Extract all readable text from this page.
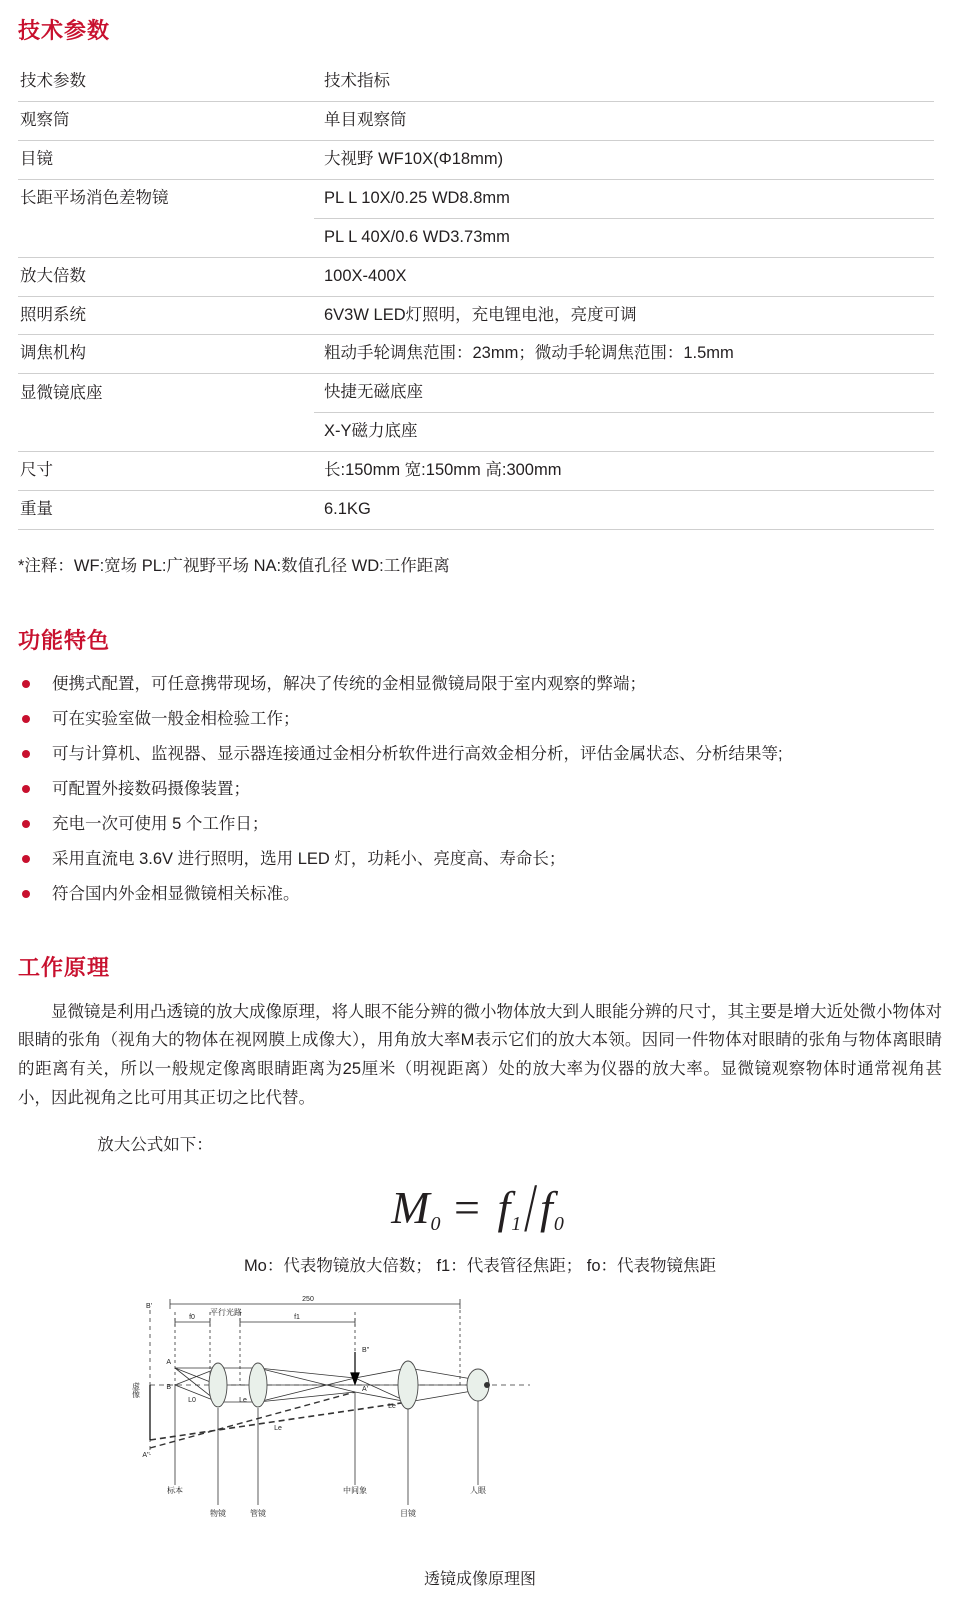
技术参数
技术参数	技术指标
观察筒	单目观察筒
目镜	大视野 WF10X(Φ18mm)
长距平场消色差物镜	PL L 10X/0.25 WD8.8mm
	PL L 40X/0.6 WD3.73mm
放大倍数	100X-400X
照明系统	6V3W LED灯照明，充电锂电池，亮度可调
调焦机构	粗动手轮调焦范围：23mm；微动手轮调焦范围：1.5mm
显微镜底座	快捷无磁底座
	X-Y磁力底座
尺寸	长:150mm 宽:150mm 高:300mm
重量	6.1KG
*注释：WF:宽场 PL:广视野平场 NA:数值孔径 WD:工作距离
功能特色
便携式配置，可任意携带现场，解决了传统的金相显微镜局限于室内观察的弊端；
可在实验室做一般金相检验工作；
可与计算机、监视器、显示器连接通过金相分析软件进行高效金相分析，评估金属状态、分析结果等;
可配置外接数码摄像装置；
充电一次可使用 5 个工作日；
采用直流电 3.6V 进行照明，选用 LED 灯，功耗小、亮度高、寿命长；
符合国内外金相显微镜相关标准。
工作原理

显微镜是利用凸透镜的放大成像原理，将人眼不能分辨的微小物体放大到人眼能分辨的尺寸，其主要是增大近处微小物体对眼睛的张角（视角大的物体在视网膜上成像大），用角放大率M表示它们的放大本领。因同一件物体对眼睛的张角与物体离眼睛的距离有关，所以一般规定像离眼睛距离为25厘米（明视距离）处的放大率为仪器的放大率。显微镜观察物体时通常视角甚小，因此视角之比可用其正切之比代替。

放大公式如下：

$M_0 = f_1/f_0$
Mo：代表物镜放大倍数； f1：代表管径焦距； fo：代表物镜焦距
250
f0	f1
平行光路
B'
B''
A
B	A'
A''
虚像
L0	Le
Le
Le
标本
物镜	管镜
中间象
目镜
人眼
透镜成像原理图
